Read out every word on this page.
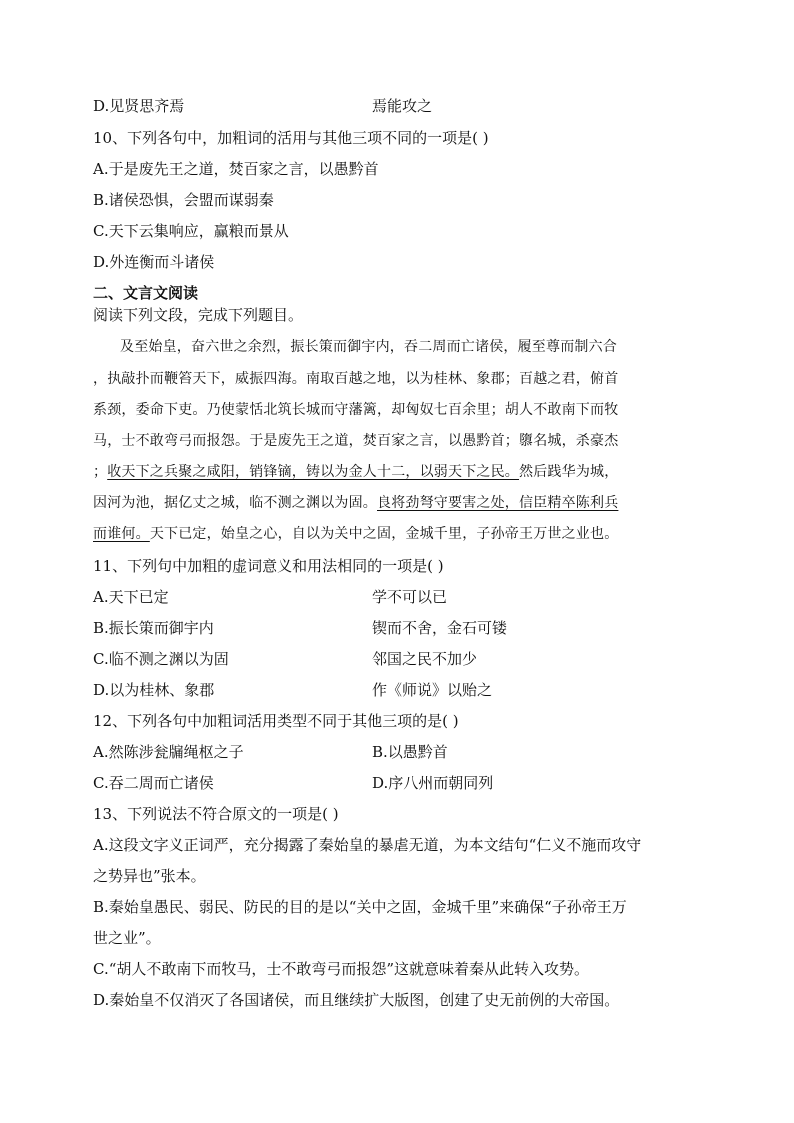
D.见贤思齐焉	焉能攻之
10、下列各句中，加粗词的活用与其他三项不同的一项是( )
A.于是废先王之道，焚百家之言，以愚黔首
B.诸侯恐惧，会盟而谋弱秦
C.天下云集响应，赢粮而景从
D.外连衡而斗诸侯
二、文言文阅读
阅读下列文段，完成下列题目。
及至始皇，奋六世之余烈，振长策而御宇内，吞二周而亡诸侯，履至尊而制六合
，执敲扑而鞭笞天下，威振四海。南取百越之地，以为桂林、象郡；百越之君，俯首
系颈，委命下吏。乃使蒙恬北筑长城而守藩篱，却匈奴七百余里；胡人不敢南下而牧
马，士不敢弯弓而报怨。于是废先王之道，焚百家之言，以愚黔首；隳名城，杀豪杰
；收天下之兵聚之咸阳，销锋镝，铸以为金人十二，以弱天下之民。然后践华为城，
因河为池，据亿丈之城，临不测之渊以为固。良将劲弩守要害之处，信臣精卒陈利兵
而谁何。天下已定，始皇之心，自以为关中之固，金城千里，子孙帝王万世之业也。
11、下列句中加粗的虚词意义和用法相同的一项是( )
A.天下已定	学不可以已
B.振长策而御宇内	锲而不舍，金石可镂
C.临不测之渊以为固	邻国之民不加少
D.以为桂林、象郡	作《师说》以贻之
12、下列各句中加粗词活用类型不同于其他三项的是( )
A.然陈涉瓮牖绳枢之子	B.以愚黔首
C.吞二周而亡诸侯	D.序八州而朝同列
13、下列说法不符合原文的一项是( )
A.这段文字义正词严，充分揭露了秦始皇的暴虐无道，为本文结句“仁义不施而攻守
之势异也”张本。
B.秦始皇愚民、弱民、防民的目的是以“关中之固，金城千里”来确保“子孙帝王万
世之业”。
C.“胡人不敢南下而牧马，士不敢弯弓而报怨”这就意味着秦从此转入攻势。
D.秦始皇不仅消灭了各国诸侯，而且继续扩大版图，创建了史无前例的大帝国。
